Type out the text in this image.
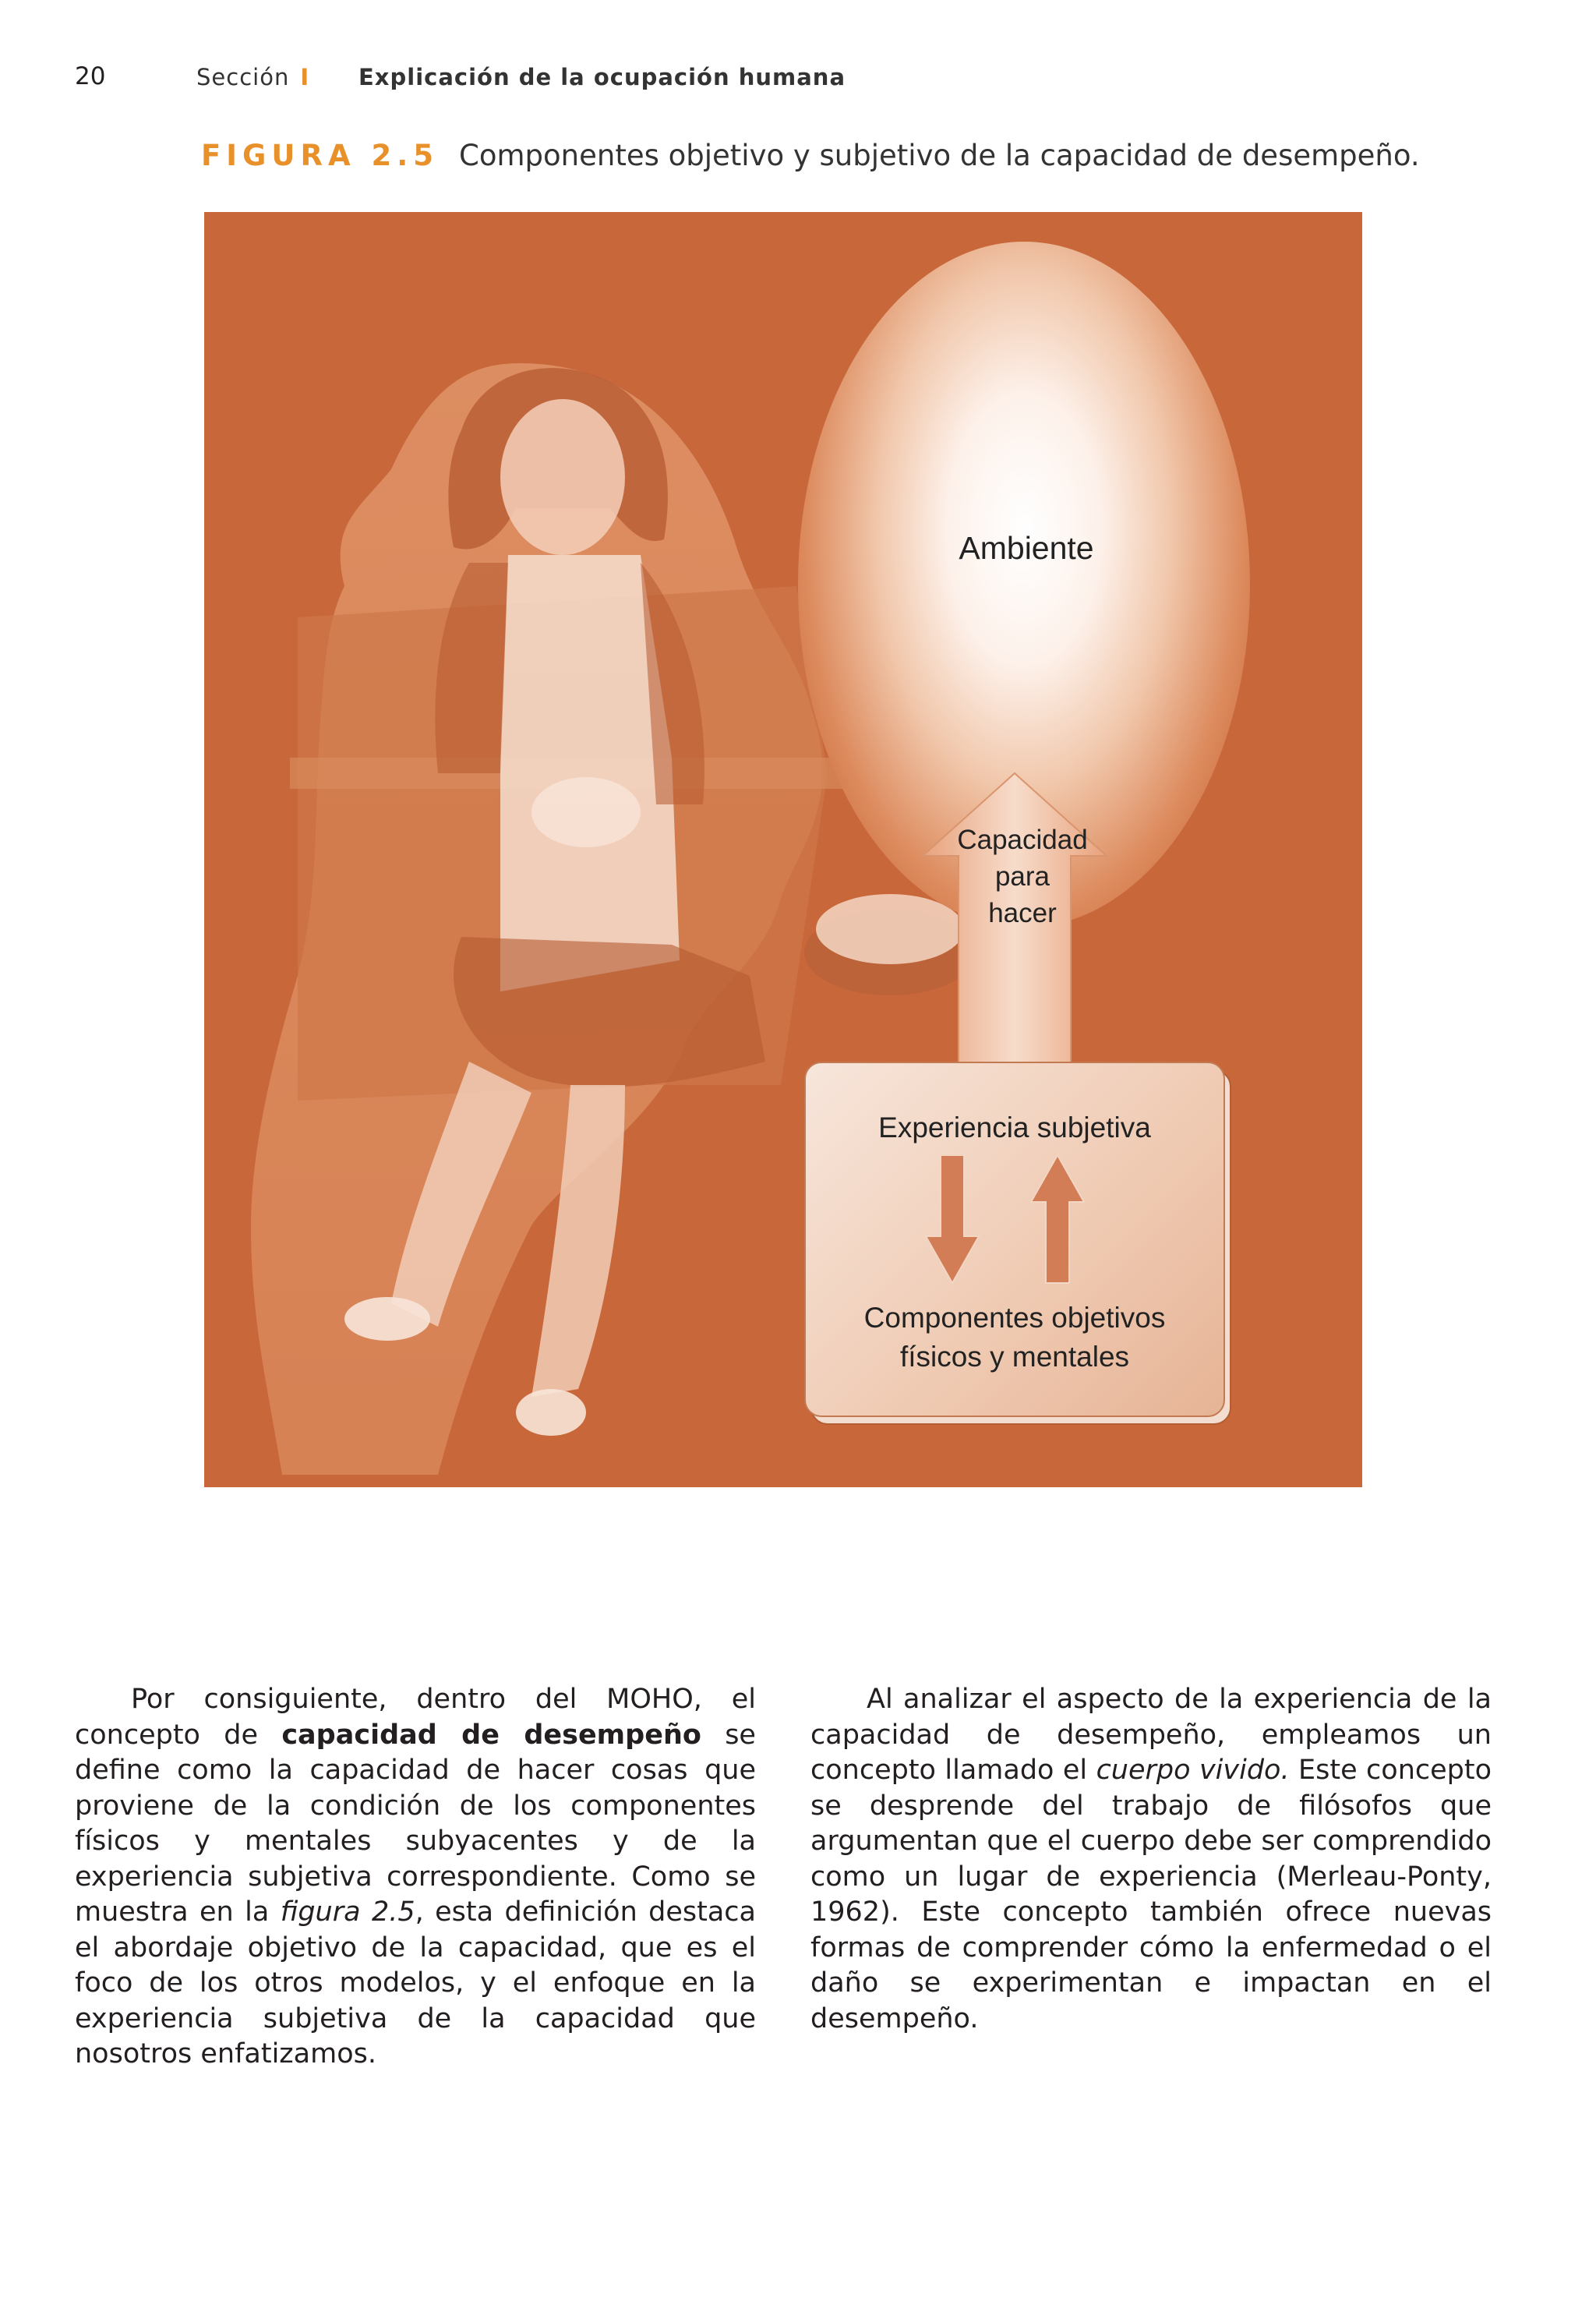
20	Sección I Explicación de la ocupación humana
FIGURA 2.5 Componentes objetivo y subjetivo de la capacidad de desempeño.
Ambiente
Capacidad
para
hacer
Experiencia subjetiva
Componentes objetivos
físicos y mentales

Por consiguiente, dentro del MOHO, el concepto de capacidad de desempeño se define como la capacidad de hacer cosas que proviene de la condición de los componentes físicos y mentales subyacentes y de la experiencia subjetiva correspondiente. Como se muestra en la figura 2.5, esta definición destaca el abordaje objetivo de la capacidad, que es el foco de los otros modelos, y el enfoque en la experiencia subjetiva de la capacidad que nosotros enfatizamos.

Al analizar el aspecto de la experiencia de la capacidad de desempeño, empleamos un concepto llamado el cuerpo vivido. Este concepto se desprende del trabajo de filósofos que argumentan que el cuerpo debe ser comprendido como un lugar de experiencia (Merleau-Ponty, 1962). Este concepto también ofrece nuevas formas de comprender cómo la enfermedad o el daño se experimentan e impactan en el desempeño.
